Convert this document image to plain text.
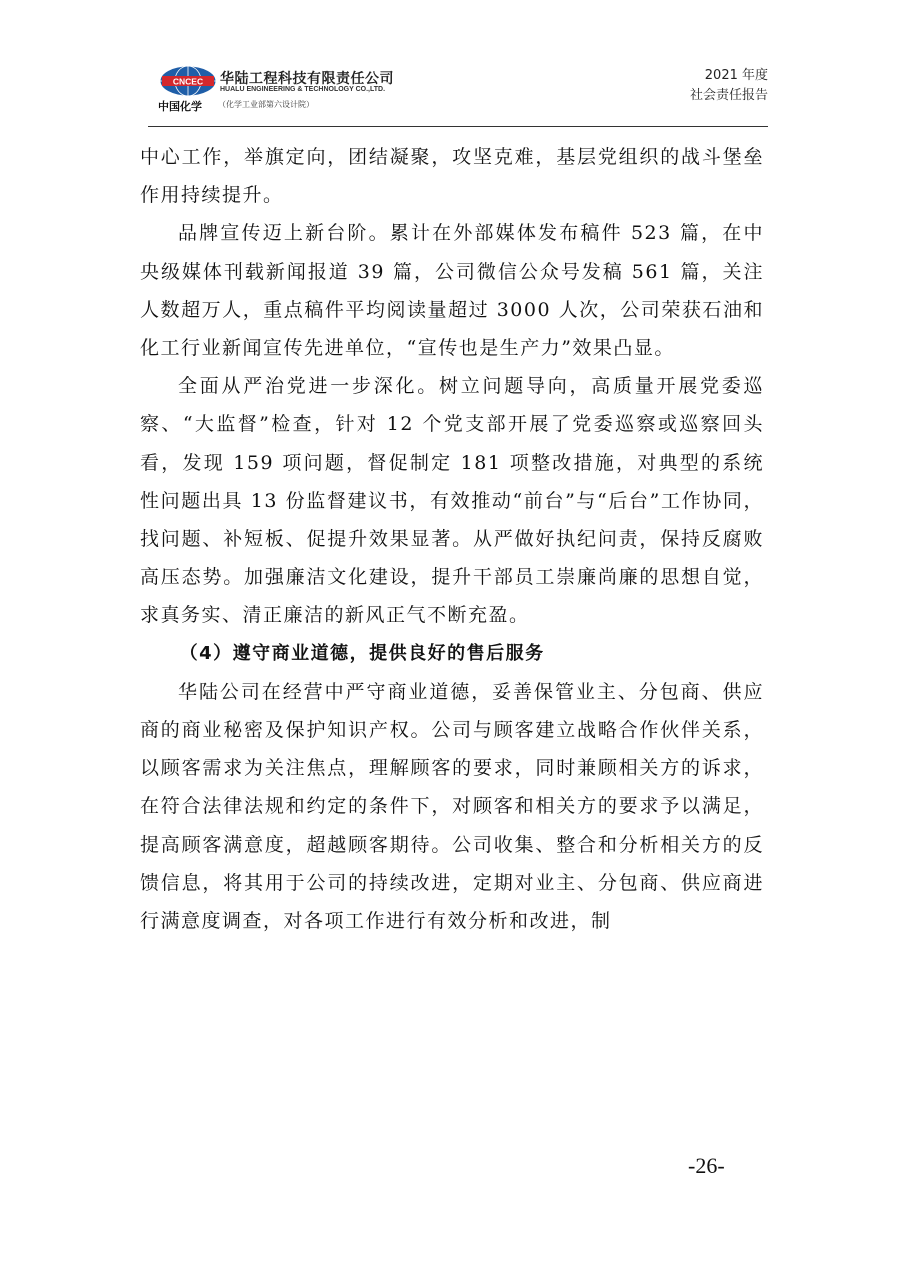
CNCEC 华陆工程科技有限责任公司
HUALU ENGINEERING & TECHNOLOGY CO.,LTD.
中国化学 （化学工业部第六设计院）
2021 年度
社会责任报告

中心工作，举旗定向，团结凝聚，攻坚克难，基层党组织的战斗堡垒作用持续提升。

品牌宣传迈上新台阶。累计在外部媒体发布稿件 523 篇，在中央级媒体刊载新闻报道 39 篇，公司微信公众号发稿 561 篇，关注人数超万人，重点稿件平均阅读量超过 3000 人次，公司荣获石油和化工行业新闻宣传先进单位，“宣传也是生产力”效果凸显。

全面从严治党进一步深化。树立问题导向，高质量开展党委巡察、“大监督”检查，针对 12 个党支部开展了党委巡察或巡察回头看，发现 159 项问题，督促制定 181 项整改措施，对典型的系统性问题出具 13 份监督建议书，有效推动“前台”与“后台”工作协同，找问题、补短板、促提升效果显著。从严做好执纪问责，保持反腐败高压态势。加强廉洁文化建设，提升干部员工崇廉尚廉的思想自觉，求真务实、清正廉洁的新风正气不断充盈。

（4）遵守商业道德，提供良好的售后服务

华陆公司在经营中严守商业道德，妥善保管业主、分包商、供应商的商业秘密及保护知识产权。公司与顾客建立战略合作伙伴关系，以顾客需求为关注焦点，理解顾客的要求，同时兼顾相关方的诉求，在符合法律法规和约定的条件下，对顾客和相关方的要求予以满足，提高顾客满意度，超越顾客期待。公司收集、整合和分析相关方的反馈信息，将其用于公司的持续改进，定期对业主、分包商、供应商进行满意度调查，对各项工作进行有效分析和改进，制

-26-
